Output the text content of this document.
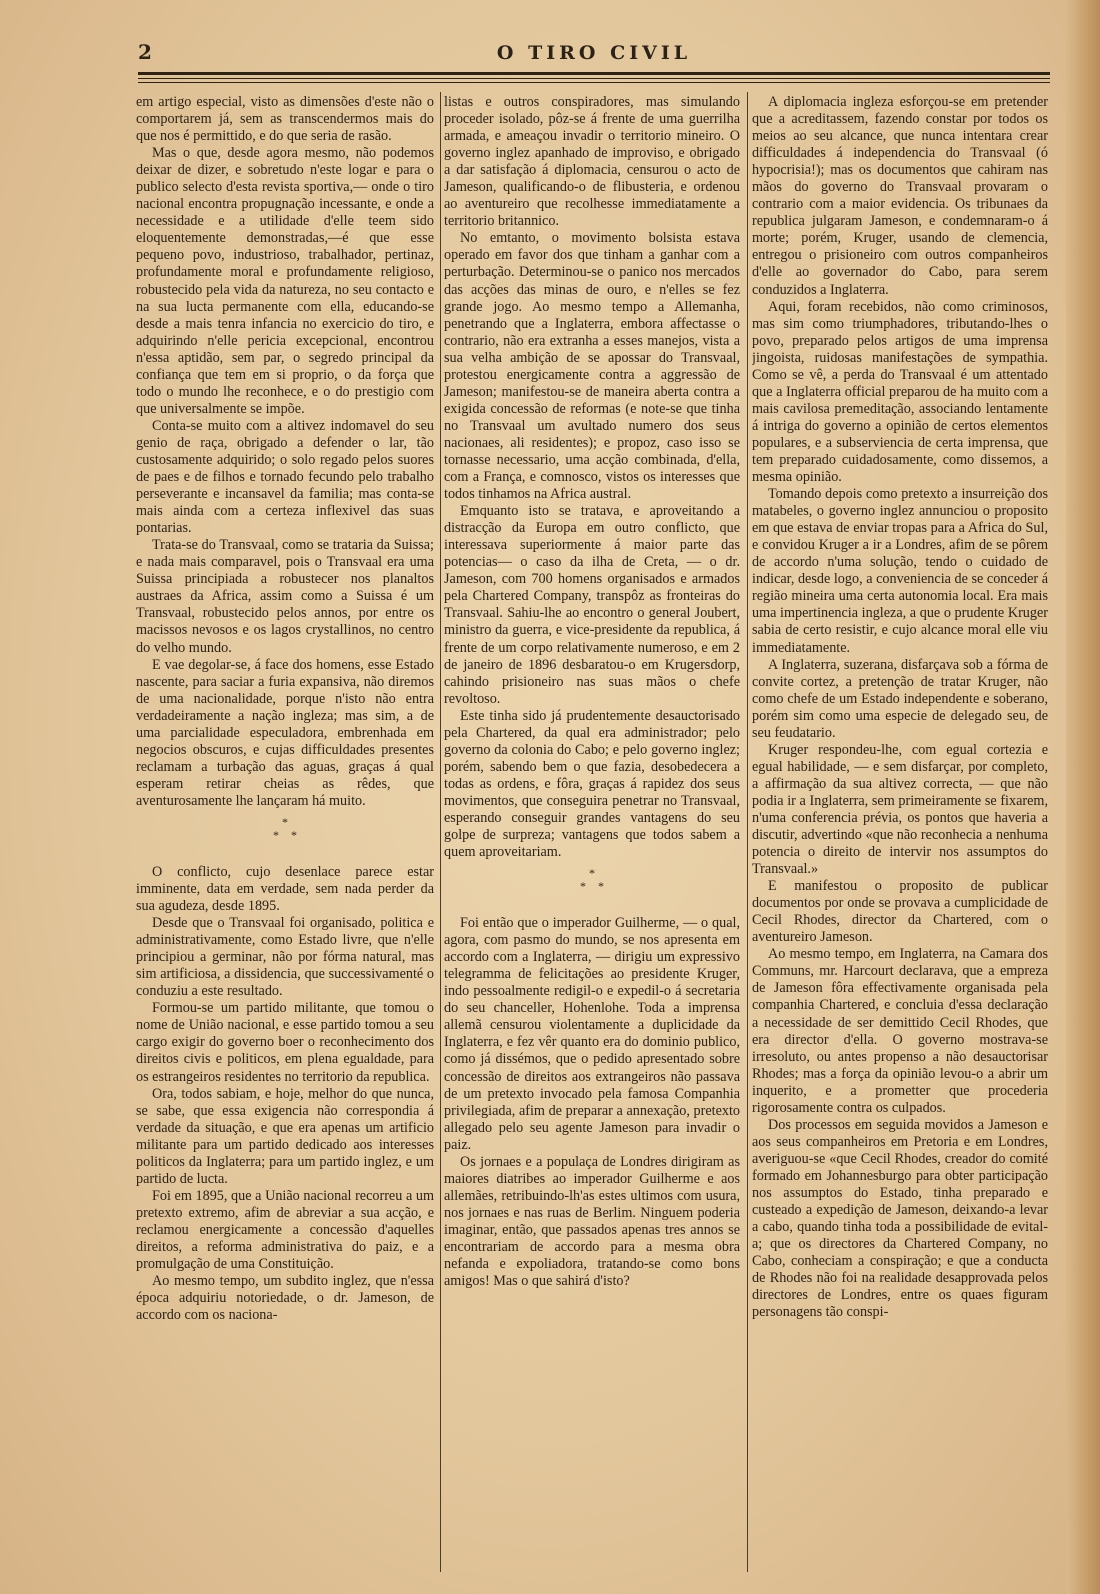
2	O TIRO CIVIL

em artigo especial, visto as dimensões d'este não o comportarem já, sem as transcendermos mais do que nos é permittido, e do que seria de rasão.

Mas o que, desde agora mesmo, não podemos deixar de dizer, e sobretudo n'este logar e para o publico selecto d'esta revista sportiva,— onde o tiro nacional encontra propugnação incessante, e onde a necessidade e a utilidade d'elle teem sido eloquentemente demonstradas,—é que esse pequeno povo, industrioso, trabalhador, pertinaz, profundamente moral e profundamente religioso, robustecido pela vida da natureza, no seu contacto e na sua lucta permanente com ella, educando-se desde a mais tenra infancia no exercicio do tiro, e adquirindo n'elle pericia excepcional, encontrou n'essa aptidão, sem par, o segredo principal da confiança que tem em si proprio, o da força que todo o mundo lhe reconhece, e o do prestigio com que universalmente se impõe.

Conta-se muito com a altivez indomavel do seu genio de raça, obrigado a defender o lar, tão custosamente adquirido; o solo regado pelos suores de paes e de filhos e tornado fecundo pelo trabalho perseverante e incansavel da familia; mas conta-se mais ainda com a certeza inflexivel das suas pontarias.

Trata-se do Transvaal, como se trataria da Suissa; e nada mais comparavel, pois o Transvaal era uma Suissa principiada a robustecer nos planaltos austraes da Africa, assim como a Suissa é um Transvaal, robustecido pelos annos, por entre os macissos nevosos e os lagos crystallinos, no centro do velho mundo.

E vae degolar-se, á face dos homens, esse Estado nascente, para saciar a furia expansiva, não diremos de uma nacionalidade, porque n'isto não entra verdadeiramente a nação ingleza; mas sim, a de uma parcialidade especuladora, embrenhada em negocios obscuros, e cujas difficuldades presentes reclamam a turbação das aguas, graças á qual esperam retirar cheias as rêdes, que aventurosamente lhe lançaram há muito.

*
*    *

O conflicto, cujo desenlace parece estar imminente, data em verdade, sem nada perder da sua agudeza, desde 1895.

Desde que o Transvaal foi organisado, politica e administrativamente, como Estado livre, que n'elle principiou a germinar, não por fórma natural, mas sim artificiosa, a dissidencia, que successivamenté o conduziu a este resultado.

Formou-se um partido militante, que tomou o nome de União nacional, e esse partido tomou a seu cargo exigir do governo boer o reconhecimento dos direitos civis e politicos, em plena egualdade, para os estrangeiros residentes no territorio da republica.

Ora, todos sabiam, e hoje, melhor do que nunca, se sabe, que essa exigencia não correspondia á verdade da situação, e que era apenas um artificio militante para um partido dedicado aos interesses politicos da Inglaterra; para um partido inglez, e um partido de lucta.

Foi em 1895, que a União nacional recorreu a um pretexto extremo, afim de abreviar a sua acção, e reclamou energicamente a concessão d'aquelles direitos, a reforma administrativa do paiz, e a promulgação de uma Constituição.

Ao mesmo tempo, um subdito inglez, que n'essa época adquiriu notoriedade, o dr. Jameson, de accordo com os naciona-

listas e outros conspiradores, mas simulando proceder isolado, pôz-se á frente de uma guerrilha armada, e ameaçou invadir o territorio mineiro. O governo inglez apanhado de improviso, e obrigado a dar satisfação á diplomacia, censurou o acto de Jameson, qualificando-o de flibusteria, e ordenou ao aventureiro que recolhesse immediatamente a territorio britannico.

No emtanto, o movimento bolsista estava operado em favor dos que tinham a ganhar com a perturbação. Determinou-se o panico nos mercados das acções das minas de ouro, e n'elles se fez grande jogo. Ao mesmo tempo a Allemanha, penetrando que a Inglaterra, embora affectasse o contrario, não era extranha a esses manejos, vista a sua velha ambição de se apossar do Transvaal, protestou energicamente contra a aggressão de Jameson; manifestou-se de maneira aberta contra a exigida concessão de reformas (e note-se que tinha no Transvaal um avultado numero dos seus nacionaes, ali residentes); e propoz, caso isso se tornasse necessario, uma acção combinada, d'ella, com a França, e comnosco, vistos os interesses que todos tinhamos na Africa austral.

Emquanto isto se tratava, e aproveitando a distracção da Europa em outro conflicto, que interessava superiormente á maior parte das potencias— o caso da ilha de Creta, — o dr. Jameson, com 700 homens organisados e armados pela Chartered Company, transpôz as fronteiras do Transvaal. Sahiu-lhe ao encontro o general Joubert, ministro da guerra, e vice-presidente da republica, á frente de um corpo relativamente numeroso, e em 2 de janeiro de 1896 desbaratou-o em Krugersdorp, cahindo prisioneiro nas suas mãos o chefe revoltoso.

Este tinha sido já prudentemente desauctorisado pela Chartered, da qual era administrador; pelo governo da colonia do Cabo; e pelo governo inglez; porém, sabendo bem o que fazia, desobedecera a todas as ordens, e fôra, graças á rapidez dos seus movimentos, que conseguira penetrar no Transvaal, esperando conseguir grandes vantagens do seu golpe de surpreza; vantagens que todos sabem a quem aproveitariam.

*
*    *

Foi então que o imperador Guilherme, — o qual, agora, com pasmo do mundo, se nos apresenta em accordo com a Inglaterra, — dirigiu um expressivo telegramma de felicitações ao presidente Kruger, indo pessoalmente redigil-o e expedil-o á secretaria do seu chanceller, Hohenlohe. Toda a imprensa allemã censurou violentamente a duplicidade da Inglaterra, e fez vêr quanto era do dominio publico, como já dissémos, que o pedido apresentado sobre concessão de direitos aos extrangeiros não passava de um pretexto invocado pela famosa Companhia privilegiada, afim de preparar a annexação, pretexto allegado pelo seu agente Jameson para invadir o paiz.

Os jornaes e a populaça de Londres dirigiram as maiores diatribes ao imperador Guilherme e aos allemães, retribuindo-lh'as estes ultimos com usura, nos jornaes e nas ruas de Berlim. Ninguem poderia imaginar, então, que passados apenas tres annos se encontrariam de accordo para a mesma obra nefanda e expoliadora, tratando-se como bons amigos! Mas o que sahirá d'isto?

A diplomacia ingleza esforçou-se em pretender que a acreditassem, fazendo constar por todos os meios ao seu alcance, que nunca intentara crear difficuldades á independencia do Transvaal (ó hypocrisia!); mas os documentos que cahiram nas mãos do governo do Transvaal provaram o contrario com a maior evidencia. Os tribunaes da republica julgaram Jameson, e condemnaram-o á morte; porém, Kruger, usando de clemencia, entregou o prisioneiro com outros companheiros d'elle ao governador do Cabo, para serem conduzidos a Inglaterra.

Aqui, foram recebidos, não como criminosos, mas sim como triumphadores, tributando-lhes o povo, preparado pelos artigos de uma imprensa jingoista, ruidosas manifestações de sympathia. Como se vê, a perda do Transvaal é um attentado que a Inglaterra official preparou de ha muito com a mais cavilosa premeditação, associando lentamente á intriga do governo a opinião de certos elementos populares, e a subserviencia de certa imprensa, que tem preparado cuidadosamente, como dissemos, a mesma opinião.

Tomando depois como pretexto a insurreição dos matabeles, o governo inglez annunciou o proposito em que estava de enviar tropas para a Africa do Sul, e convidou Kruger a ir a Londres, afim de se pôrem de accordo n'uma solução, tendo o cuidado de indicar, desde logo, a conveniencia de se conceder á região mineira uma certa autonomia local. Era mais uma impertinencia ingleza, a que o prudente Kruger sabia de certo resistir, e cujo alcance moral elle viu immediatamente.

A Inglaterra, suzerana, disfarçava sob a fórma de convite cortez, a pretenção de tratar Kruger, não como chefe de um Estado independente e soberano, porém sim como uma especie de delegado seu, de seu feudatario.

Kruger respondeu-lhe, com egual cortezia e egual habilidade, — e sem disfarçar, por completo, a affirmação da sua altivez correcta, — que não podia ir a Inglaterra, sem primeiramente se fixarem, n'uma conferencia prévia, os pontos que haveria a discutir, advertindo «que não reconhecia a nenhuma potencia o direito de intervir nos assumptos do Transvaal.»

E manifestou o proposito de publicar documentos por onde se provava a cumplicidade de Cecil Rhodes, director da Chartered, com o aventureiro Jameson.

Ao mesmo tempo, em Inglaterra, na Camara dos Communs, mr. Harcourt declarava, que a empreza de Jameson fôra effectivamente organisada pela companhia Chartered, e concluia d'essa declaração a necessidade de ser demittido Cecil Rhodes, que era director d'ella. O governo mostrava-se irresoluto, ou antes propenso a não desauctorisar Rhodes; mas a força da opinião levou-o a abrir um inquerito, e a prometter que procederia rigorosamente contra os culpados.

Dos processos em seguida movidos a Jameson e aos seus companheiros em Pretoria e em Londres, averiguou-se «que Cecil Rhodes, creador do comité formado em Johannesburgo para obter participação nos assumptos do Estado, tinha preparado e custeado a expedição de Jameson, deixando-a levar a cabo, quando tinha toda a possibilidade de evital-a; que os directores da Chartered Company, no Cabo, conheciam a conspiração; e que a conducta de Rhodes não foi na realidade desapprovada pelos directores de Londres, entre os quaes figuram personagens tão conspi-
